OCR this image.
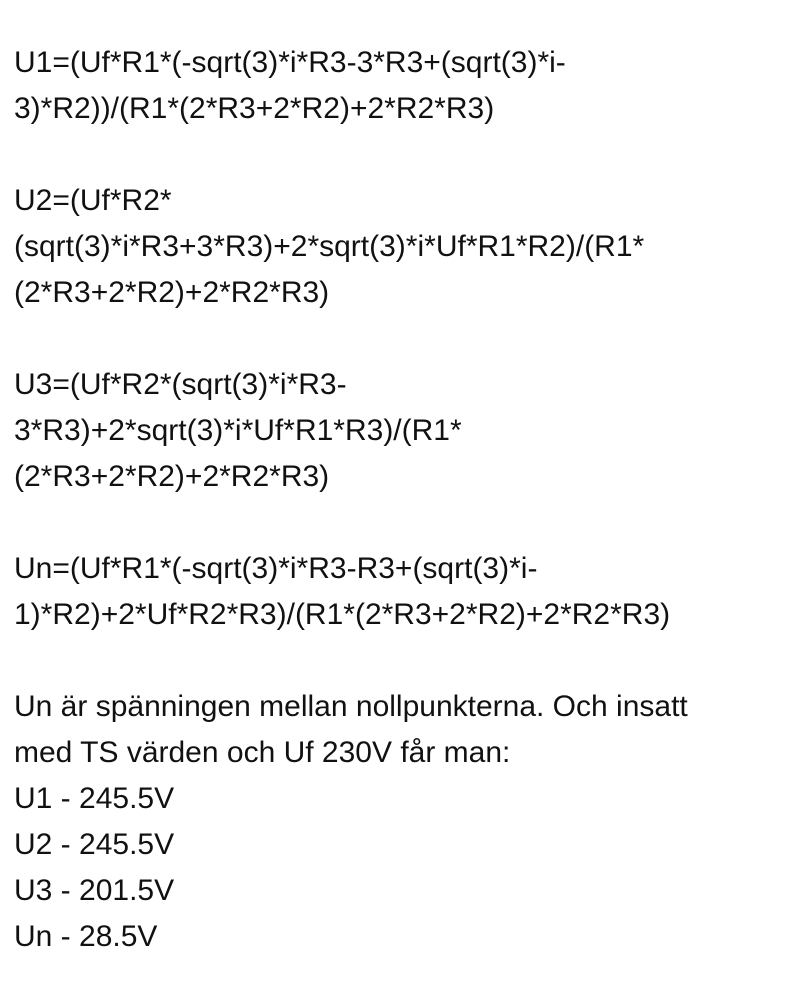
U1=(Uf*R1*(-sqrt(3)*i*R3-3*R3+(sqrt(3)*i-
3)*R2))/(R1*(2*R3+2*R2)+2*R2*R3)
U2=(Uf*R2*
(sqrt(3)*i*R3+3*R3)+2*sqrt(3)*i*Uf*R1*R2)/(R1*
(2*R3+2*R2)+2*R2*R3)
U3=(Uf*R2*(sqrt(3)*i*R3-
3*R3)+2*sqrt(3)*i*Uf*R1*R3)/(R1*
(2*R3+2*R2)+2*R2*R3)
Un=(Uf*R1*(-sqrt(3)*i*R3-R3+(sqrt(3)*i-
1)*R2)+2*Uf*R2*R3)/(R1*(2*R3+2*R2)+2*R2*R3)
Un är spänningen mellan nollpunkterna. Och insatt
med TS värden och Uf 230V får man:
U1 - 245.5V
U2 - 245.5V
U3 - 201.5V
Un - 28.5V
